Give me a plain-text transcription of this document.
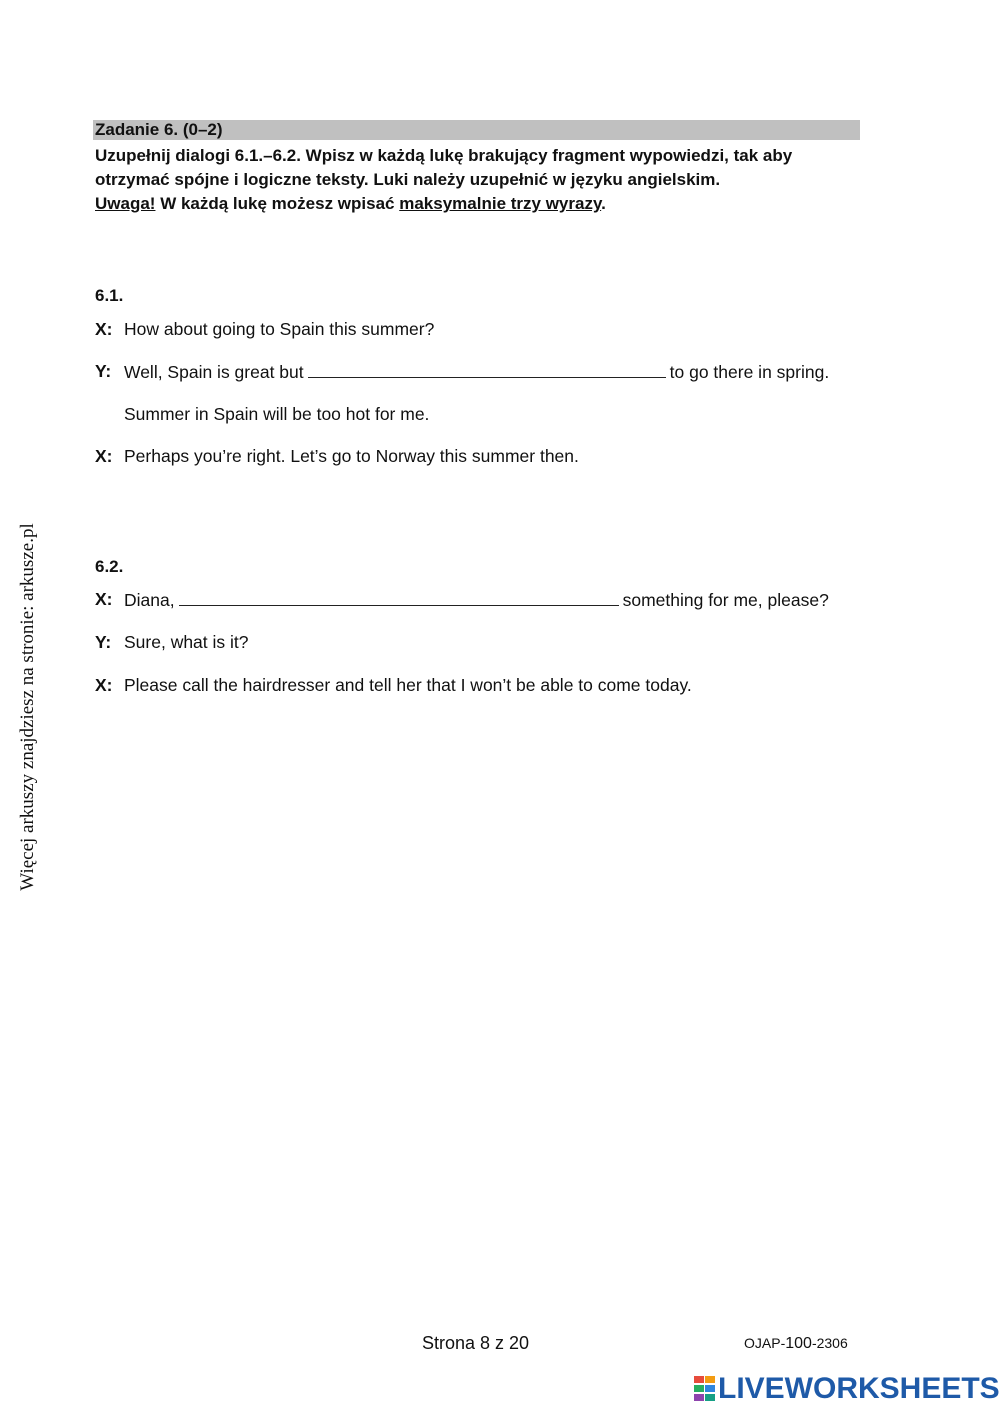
Zadanie 6. (0–2)
Uzupełnij dialogi 6.1.–6.2. Wpisz w każdą lukę brakujący fragment wypowiedzi, tak aby
otrzymać spójne i logiczne teksty. Luki należy uzupełnić w języku angielskim.
Uwaga! W każdą lukę możesz wpisać maksymalnie trzy wyrazy.
6.1.
X: How about going to Spain this summer?
Y: Well, Spain is great but	to go there in spring.
Summer in Spain will be too hot for me.
X: Perhaps you’re right. Let’s go to Norway this summer then.
6.2.
X: Diana,	something for me, please?
Y: Sure, what is it?
X: Please call the hairdresser and tell her that I won’t be able to come today.
Więcej arkuszy znajdziesz na stronie: arkusze.pl
Strona 8 z 20	OJAP-100-2306
LIVEWORKSHEETS
